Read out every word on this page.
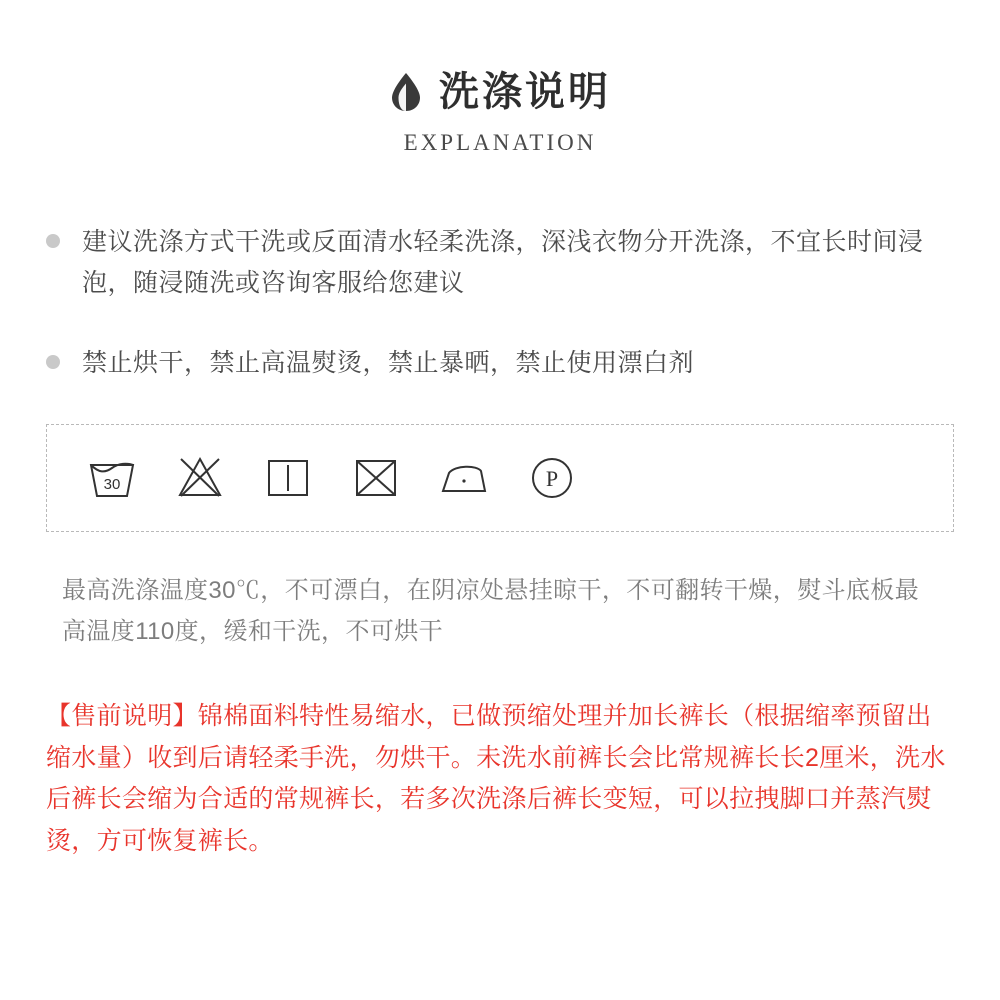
洗涤说明
EXPLANATION
建议洗涤方式干洗或反面清水轻柔洗涤，深浅衣物分开洗涤，不宜长时间浸泡，随浸随洗或咨询客服给您建议
禁止烘干，禁止高温熨烫，禁止暴晒，禁止使用漂白剂
30	P
最高洗涤温度30℃，不可漂白，在阴凉处悬挂晾干，不可翻转干燥，熨斗底板最高温度110度，缓和干洗，不可烘干
【售前说明】锦棉面料特性易缩水，已做预缩处理并加长裤长（根据缩率预留出缩水量）收到后请轻柔手洗，勿烘干。未洗水前裤长会比常规裤长长2厘米，洗水后裤长会缩为合适的常规裤长，若多次洗涤后裤长变短，可以拉拽脚口并蒸汽熨烫，方可恢复裤长。
